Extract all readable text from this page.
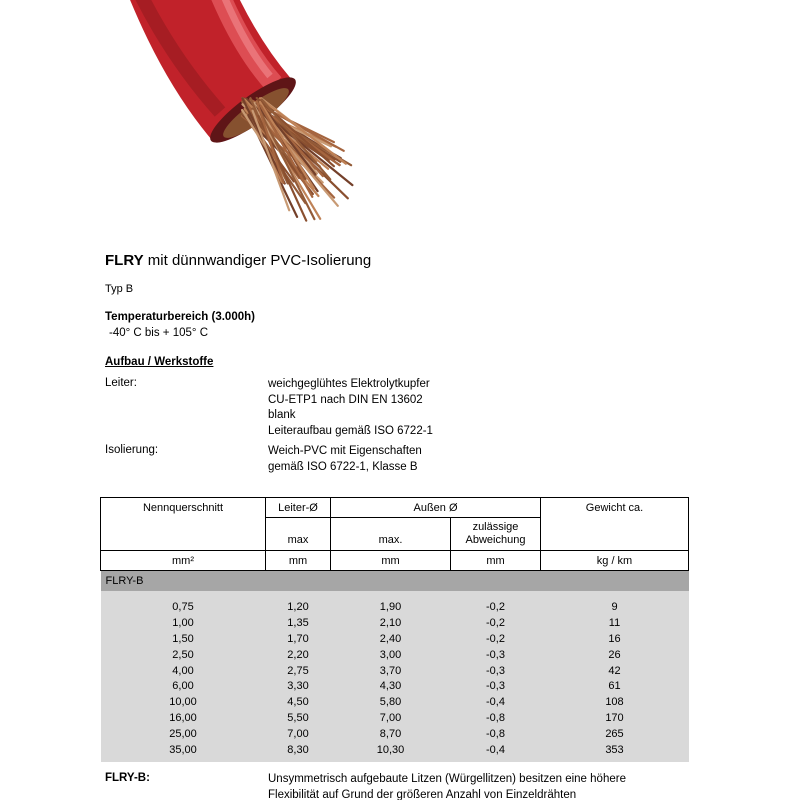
FLRY mit dünnwandiger PVC-Isolierung
Typ B
Temperaturbereich (3.000h)
-40° C bis + 105° C
Aufbau / Werkstoffe
Leiter:	weichgeglühtes Elektrolytkupfer
CU-ETP1 nach DIN EN 13602
blank
Leiteraufbau gemäß ISO 6722-1
Isolierung:	Weich-PVC mit Eigenschaften
gemäß ISO 6722-1, Klasse B
Nennquerschnitt	Leiter-Ø	Außen Ø		Gewicht ca.
	max	max.	zulässige Abweichung	
mm²	mm	mm	mm	kg / km
FLRY-B				

0,75	1,20	1,90	-0,2	9
1,00	1,35	2,10	-0,2	11
1,50	1,70	2,40	-0,2	16
2,50	2,20	3,00	-0,3	26
4,00	2,75	3,70	-0,3	42
6,00	3,30	4,30	-0,3	61
10,00	4,50	5,80	-0,4	108
16,00	5,50	7,00	-0,8	170
25,00	7,00	8,70	-0,8	265
35,00	8,30	10,30	-0,4	353

FLRY-B:	Unsymmetrisch aufgebaute Litzen (Würgellitzen) besitzen eine höhere
Flexibilität auf Grund der größeren Anzahl von Einzeldrähten
